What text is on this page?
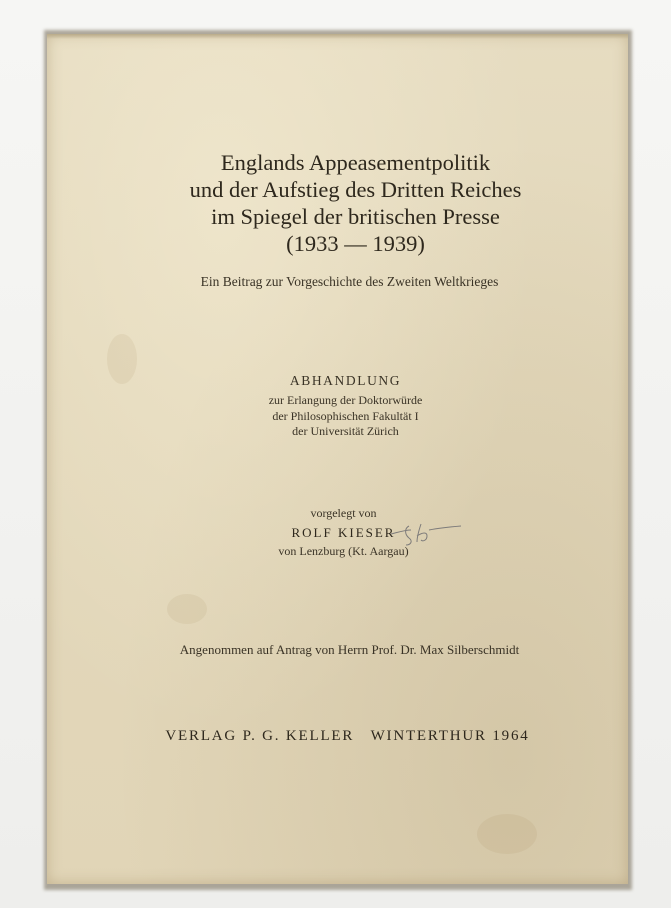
Englands Appeasementpolitik
und der Aufstieg des Dritten Reiches
im Spiegel der britischen Presse
(1933 — 1939)
Ein Beitrag zur Vorgeschichte des Zweiten Weltkrieges
ABHANDLUNG
zur Erlangung der Doktorwürde
der Philosophischen Fakultät I
der Universität Zürich
vorgelegt von
ROLF KIESER
von Lenzburg (Kt. Aargau)
Angenommen auf Antrag von Herrn Prof. Dr. Max Silberschmidt
VERLAG P. G. KELLER   WINTERTHUR 1964
